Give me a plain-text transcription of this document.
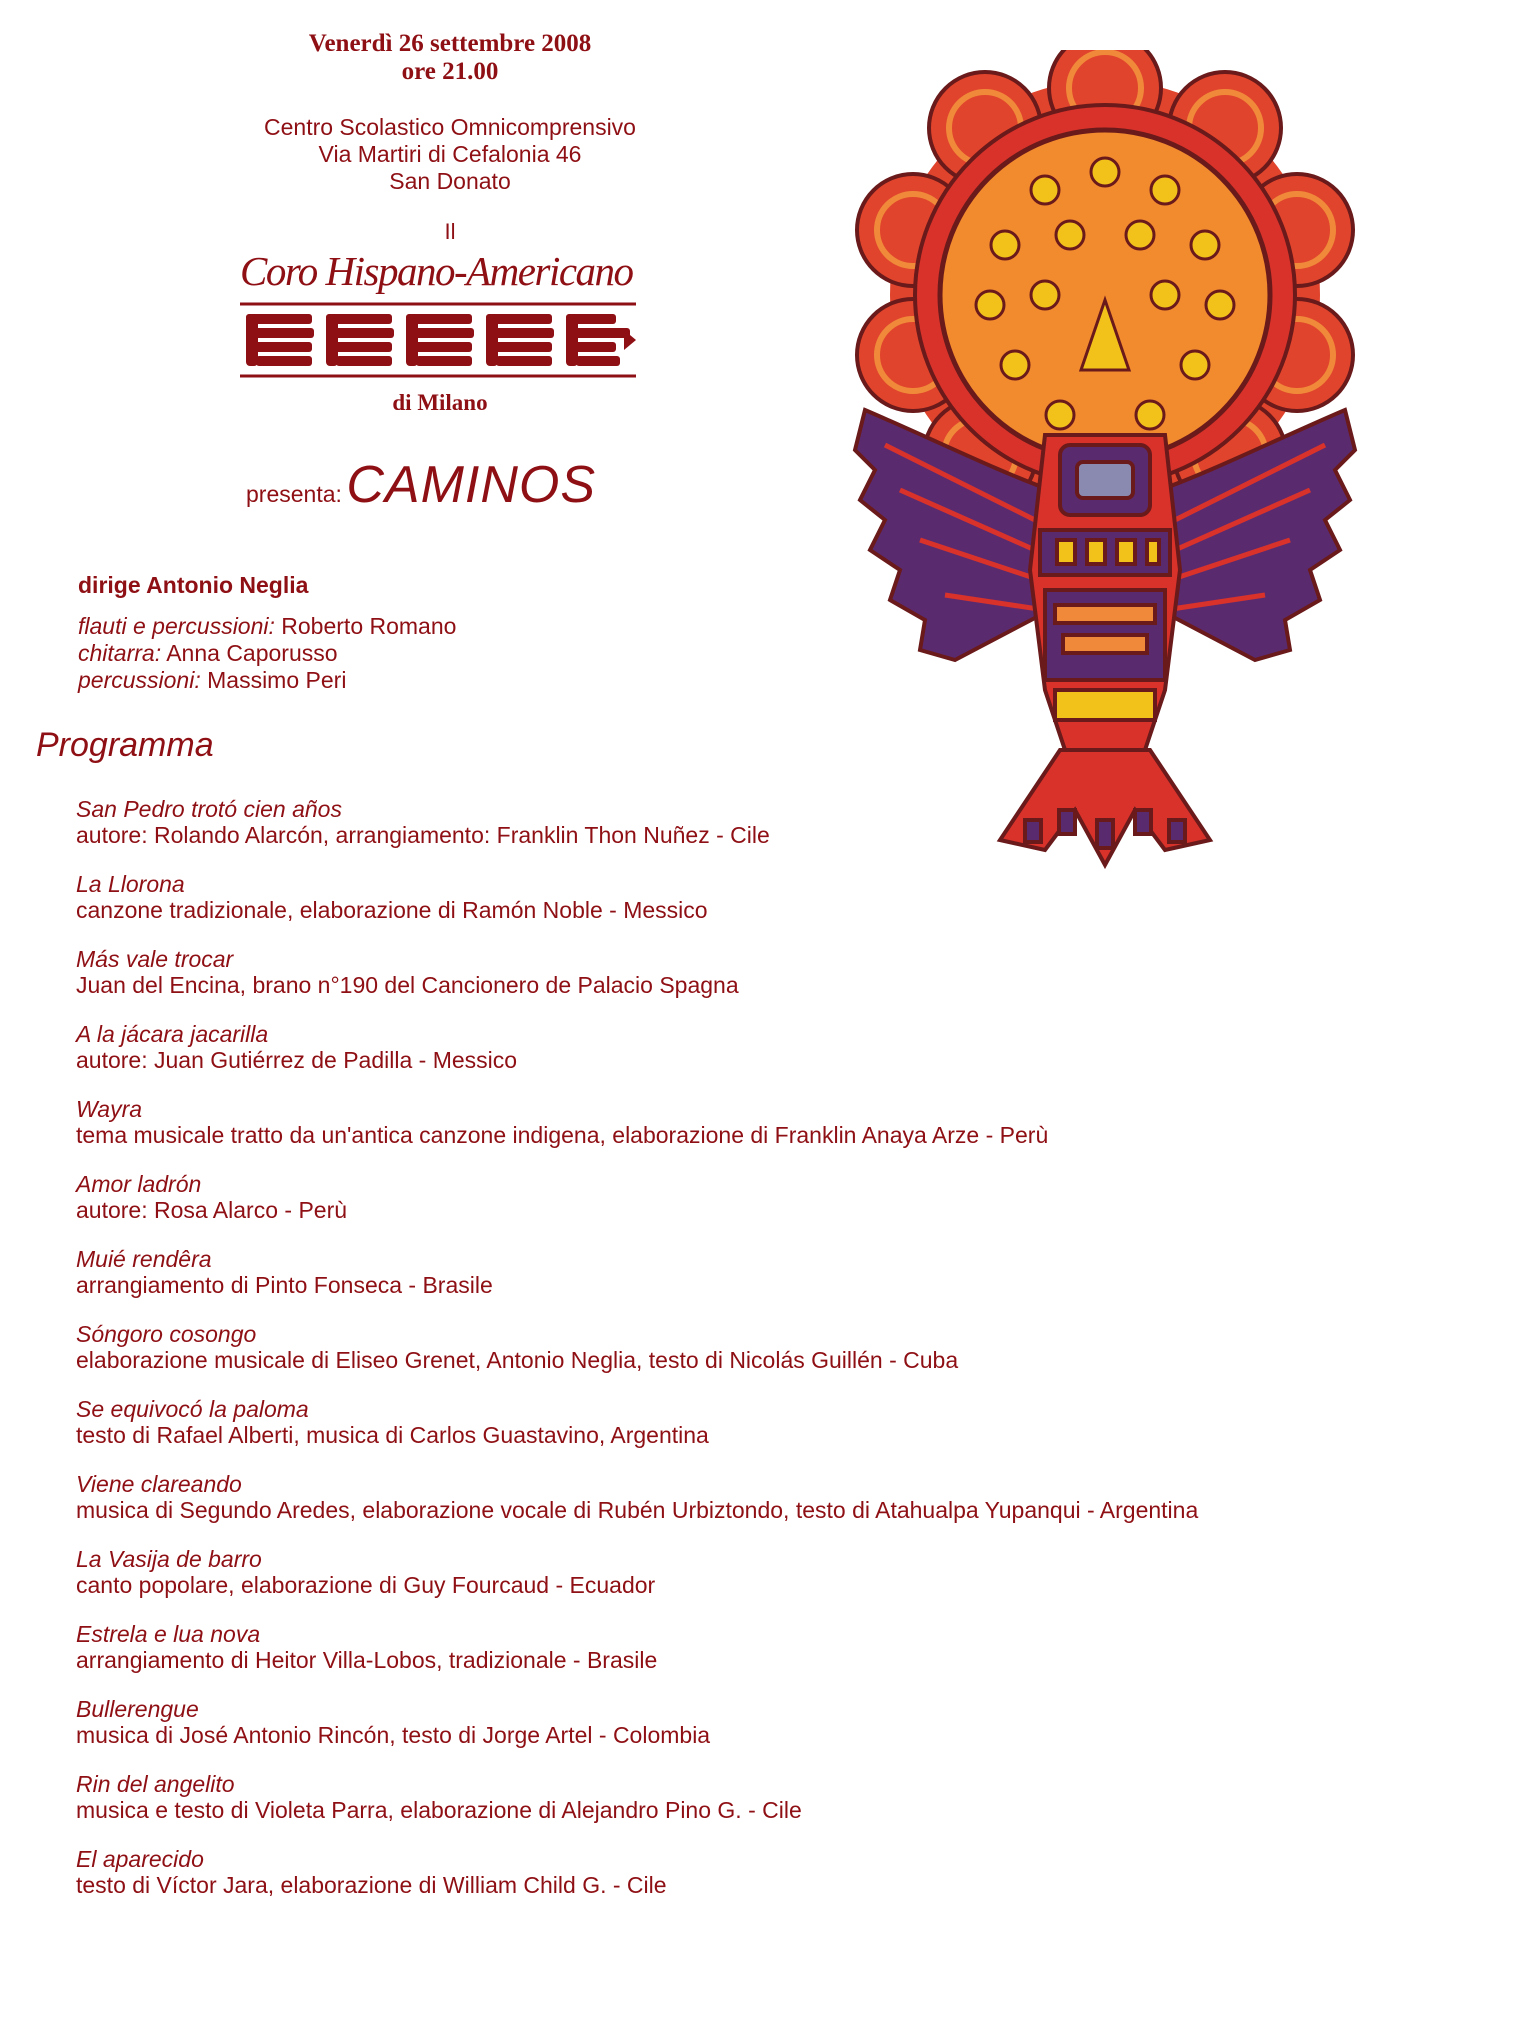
Venerdì 26 settembre 2008
ore 21.00
Centro Scolastico Omnicomprensivo
Via Martiri di Cefalonia 46
San Donato
Il
Coro Hispano-Americano
di Milano
presenta: CAMINOS
dirige Antonio Neglia
flauti e percussioni: Roberto Romano
chitarra: Anna Caporusso
percussioni: Massimo Peri
Programma
San Pedro trotó cien años
autore: Rolando Alarcón, arrangiamento: Franklin Thon Nuñez - Cile
La Llorona
canzone tradizionale, elaborazione di Ramón Noble - Messico
Más vale trocar
Juan del Encina, brano n°190 del Cancionero de Palacio Spagna
A la jácara jacarilla
autore: Juan Gutiérrez de Padilla - Messico
Wayra
tema musicale tratto da un'antica canzone indigena, elaborazione di Franklin Anaya Arze - Perù
Amor ladrón
autore: Rosa Alarco - Perù
Muié rendêra
arrangiamento di Pinto Fonseca - Brasile
Sóngoro cosongo
elaborazione musicale di Eliseo Grenet, Antonio Neglia, testo di Nicolás Guillén - Cuba
Se equivocó la paloma
testo di Rafael Alberti, musica di Carlos Guastavino, Argentina
Viene clareando
musica di Segundo Aredes, elaborazione vocale di Rubén Urbiztondo, testo di Atahualpa Yupanqui - Argentina
La Vasija de barro
canto popolare, elaborazione di Guy Fourcaud - Ecuador
Estrela e lua nova
arrangiamento di Heitor Villa-Lobos, tradizionale - Brasile
Bullerengue
musica di José Antonio Rincón, testo di Jorge Artel - Colombia
Rin del angelito
musica e testo di Violeta Parra, elaborazione di Alejandro Pino G. - Cile
El aparecido
testo di Víctor Jara, elaborazione di William Child G. - Cile
